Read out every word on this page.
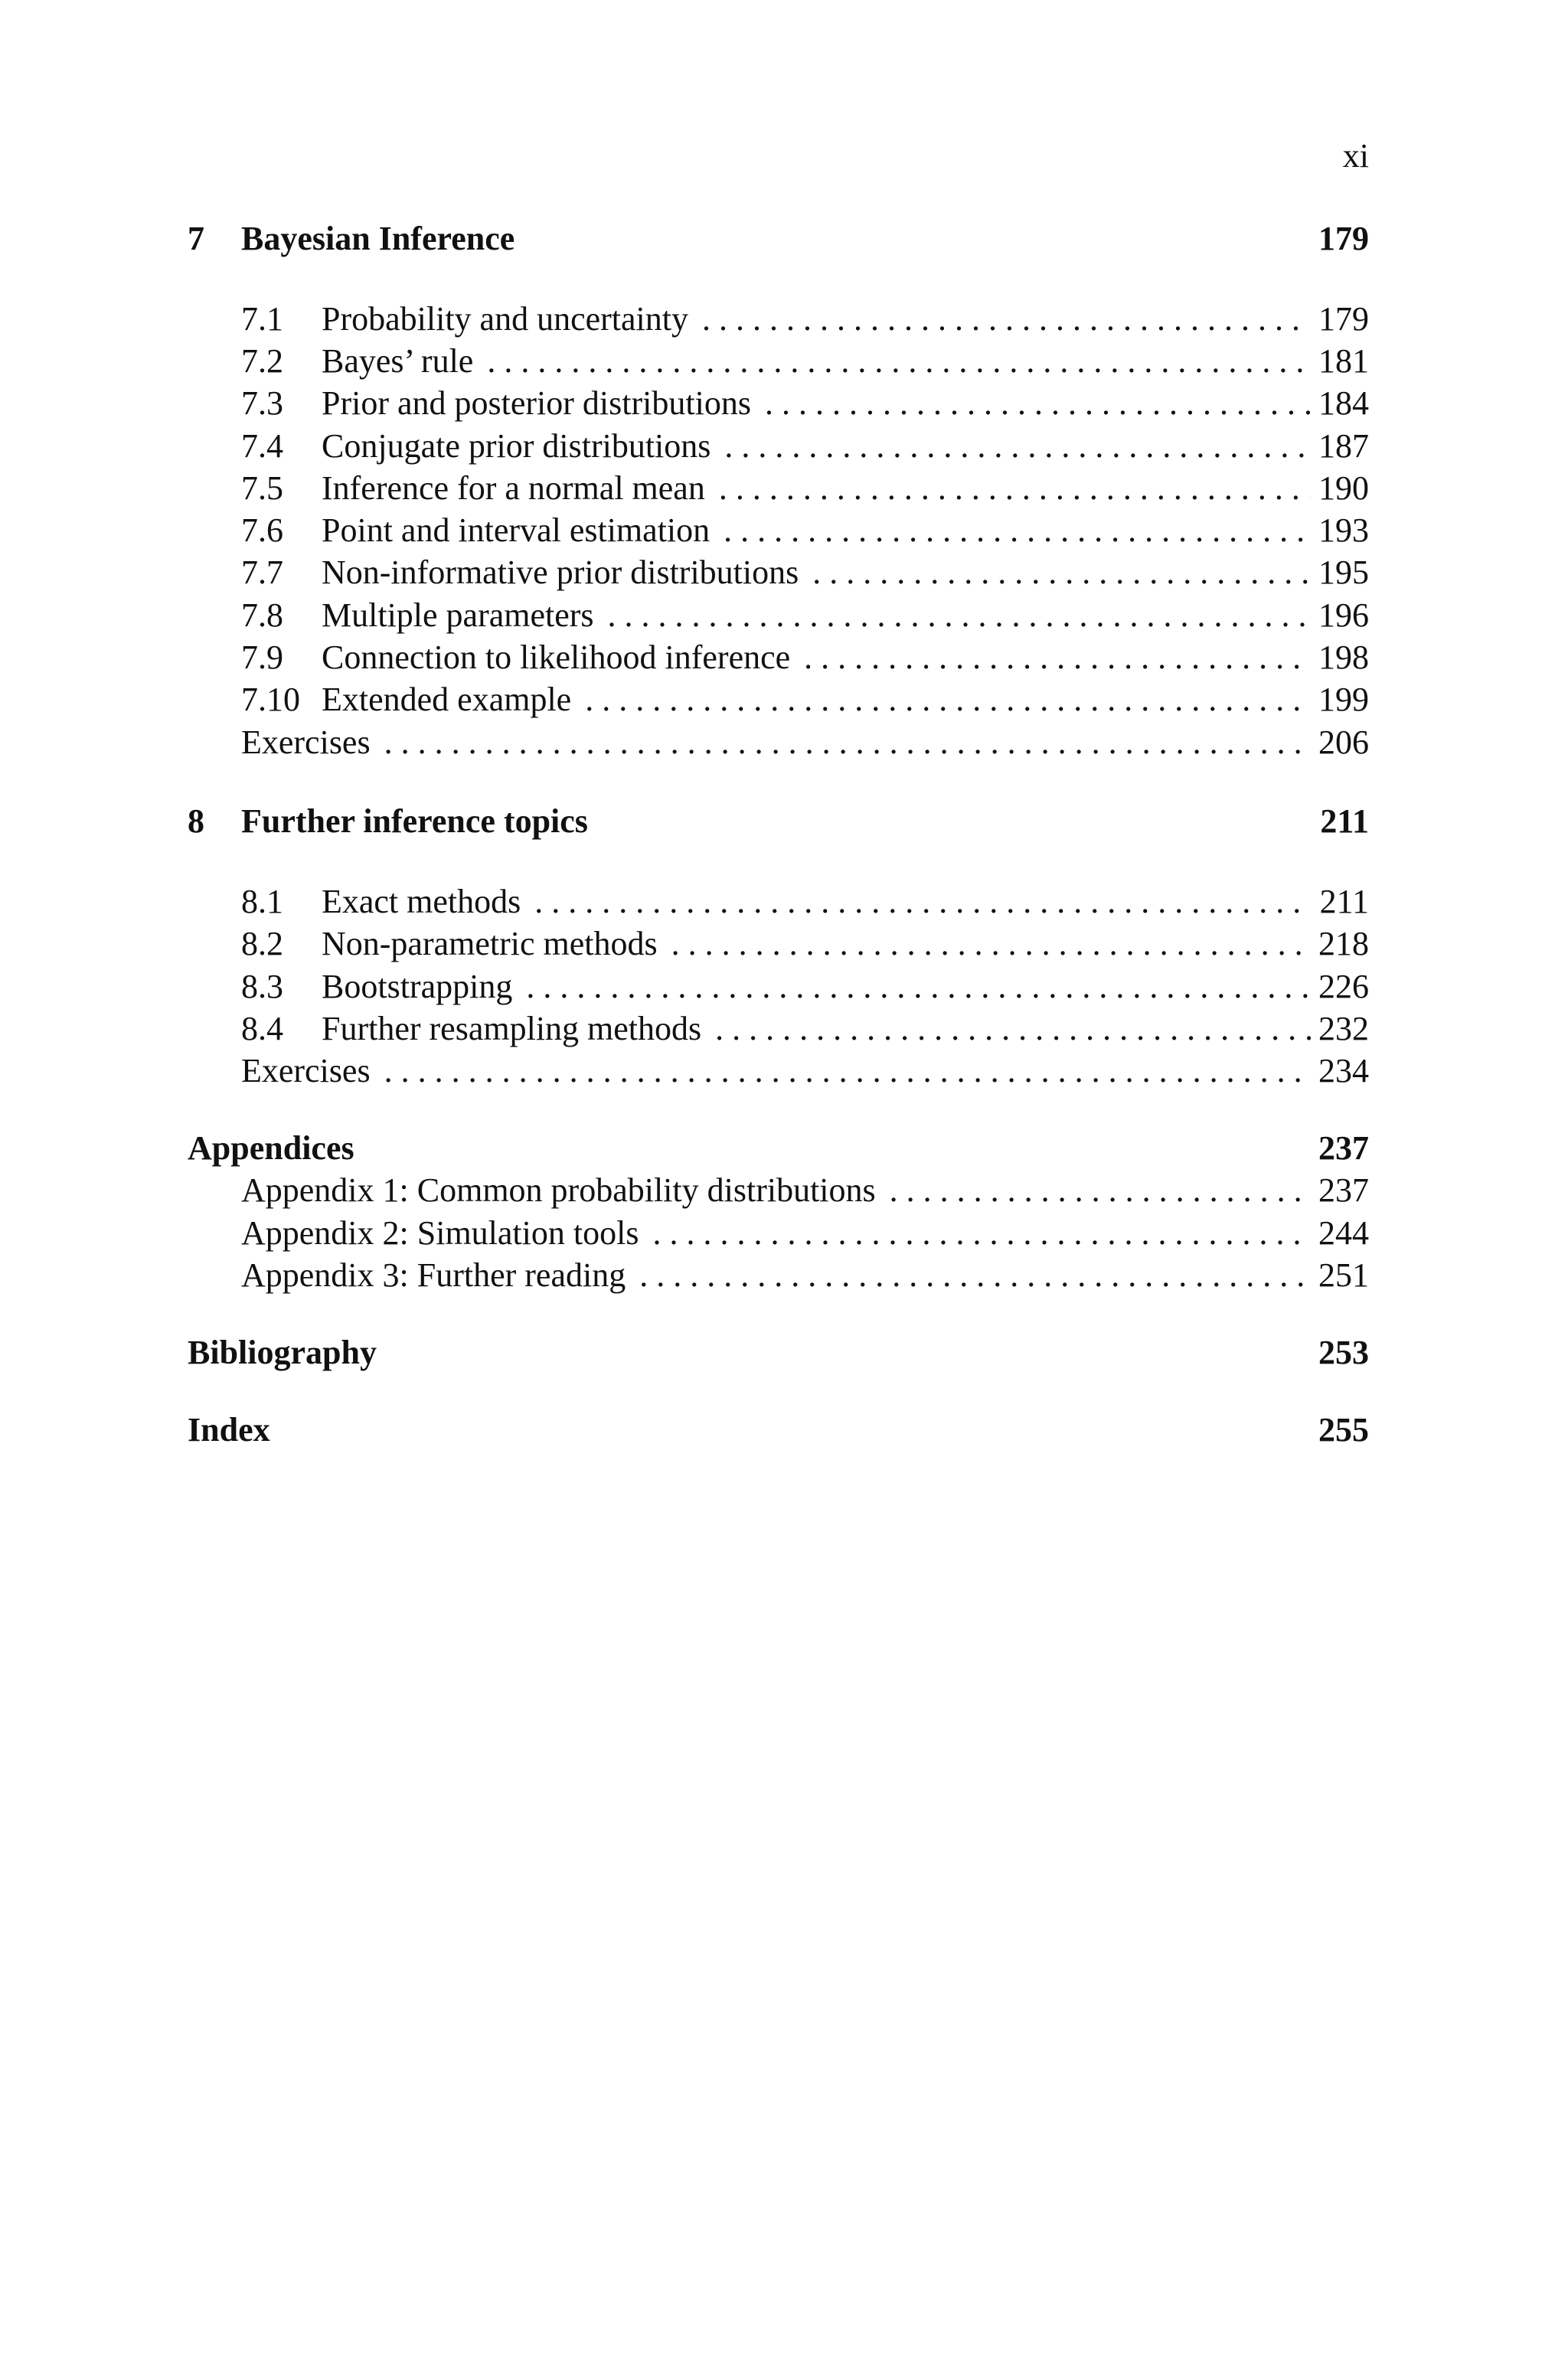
xi
7	Bayesian Inference	179
7.1	Probability and uncertainty . . .	179
7.2	Bayes’ rule . . .	181
7.3	Prior and posterior distributions . . .	184
7.4	Conjugate prior distributions . . .	187
7.5	Inference for a normal mean . . .	190
7.6	Point and interval estimation . . .	193
7.7	Non-informative prior distributions . . .	195
7.8	Multiple parameters . . .	196
7.9	Connection to likelihood inference . . .	198
7.10 Extended example . . .	199
Exercises . . .	206
8	Further inference topics	211
8.1	Exact methods . . .	211
8.2	Non-parametric methods . . .	218
8.3	Bootstrapping . . .	226
8.4	Further resampling methods . . .	232
Exercises . . .	234
Appendices	237
Appendix 1: Common probability distributions . . .	237
Appendix 2: Simulation tools . . .	244
Appendix 3: Further reading . . .	251
Bibliography	253
Index	255
